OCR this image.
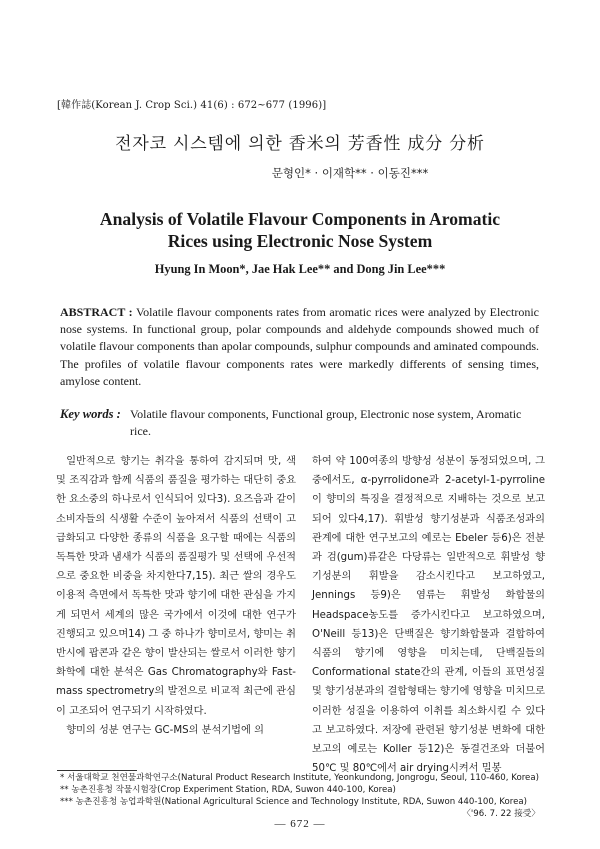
[韓作誌(Korean J. Crop Sci.) 41(6) : 672~677 (1996)]
전자코 시스템에 의한 香米의 芳香性 成分 分析
문형인* · 이재학** · 이동진***
Analysis of Volatile Flavour Components in Aromatic
Rices using Electronic Nose System
Hyung In Moon*, Jae Hak Lee** and Dong Jin Lee***
ABSTRACT : Volatile flavour components rates from aromatic rices were analyzed by Electronic nose systems. In functional group, polar compounds and aldehyde compounds showed much of volatile flavour components than apolar compounds, sulphur compounds and aminated compounds. The profiles of volatile flavour components rates were markedly differents of sensing times, amylose content.
Key words : Volatile flavour components, Functional group, Electronic nose system, Aromatic rice.

일반적으로 향기는 취각을 통하여 감지되며 맛, 색 및 조직감과 함께 식품의 품질을 평가하는 대단히 중요한 요소중의 하나로서 인식되어 있다3). 요즈음과 같이 소비자들의 식생활 수준이 높아져서 식품의 선택이 고급화되고 다양한 종류의 식품을 요구할 때에는 식품의 독특한 맛과 냄새가 식품의 품질평가 및 선택에 우선적으로 중요한 비중을 차지한다7,15). 최근 쌀의 경우도 이용적 측면에서 독특한 맛과 향기에 대한 관심을 가지게 되면서 세계의 많은 국가에서 이것에 대한 연구가 진행되고 있으며14) 그 중 하나가 향미로서, 향미는 취반시에 팝콘과 같은 향이 발산되는 쌀로서 이러한 향기화학에 대한 분석은 Gas Chromatography와 Fast-mass spectrometry의 발전으로 비교적 최근에 관심이 고조되어 연구되기 시작하였다.

향미의 성분 연구는 GC-MS의 분석기법에 의

하여 약 100여종의 방향성 성분이 동정되었으며, 그중에서도, α-pyrrolidone과 2-acetyl-1-pyrroline이 향미의 특징을 결정적으로 지배하는 것으로 보고 되어 있다4,17). 휘발성 향기성분과 식품조성과의 관계에 대한 연구보고의 예로는 Ebeler 등6)은 전분과 검(gum)류같은 다당류는 일반적으로 휘발성 향기성분의 휘발을 감소시킨다고 보고하였고, Jennings 등9)은 염류는 휘발성 화합물의 Headspace농도를 증가시킨다고 보고하였으며, O'Neill 등13)은 단백질은 향기화합물과 결합하여 식품의 향기에 영향을 미치는데, 단백질들의 Conformational state간의 관계, 이들의 표면성질 및 향기성분과의 결합형태는 향기에 영향을 미치므로 이러한 성질을 이용하여 이취를 최소화시킬 수 있다고 보고하였다. 저장에 관련된 향기성분 변화에 대한 보고의 예로는 Koller 등12)은 동결건조와 더불어 50℃ 및 80℃에서 air drying시켜서 밀봉

* 서울대학교 천연물과학연구소(Natural Product Research Institute, Yeonkundong, Jongrogu, Seoul, 110-460, Korea)
** 농촌진흥청 작물시험장(Crop Experiment Station, RDA, Suwon 440-100, Korea)
*** 농촌진흥청 농업과학원(National Agricultural Science and Technology Institute, RDA, Suwon 440-100, Korea)
〈'96. 7. 22 接受〉
— 672 —
